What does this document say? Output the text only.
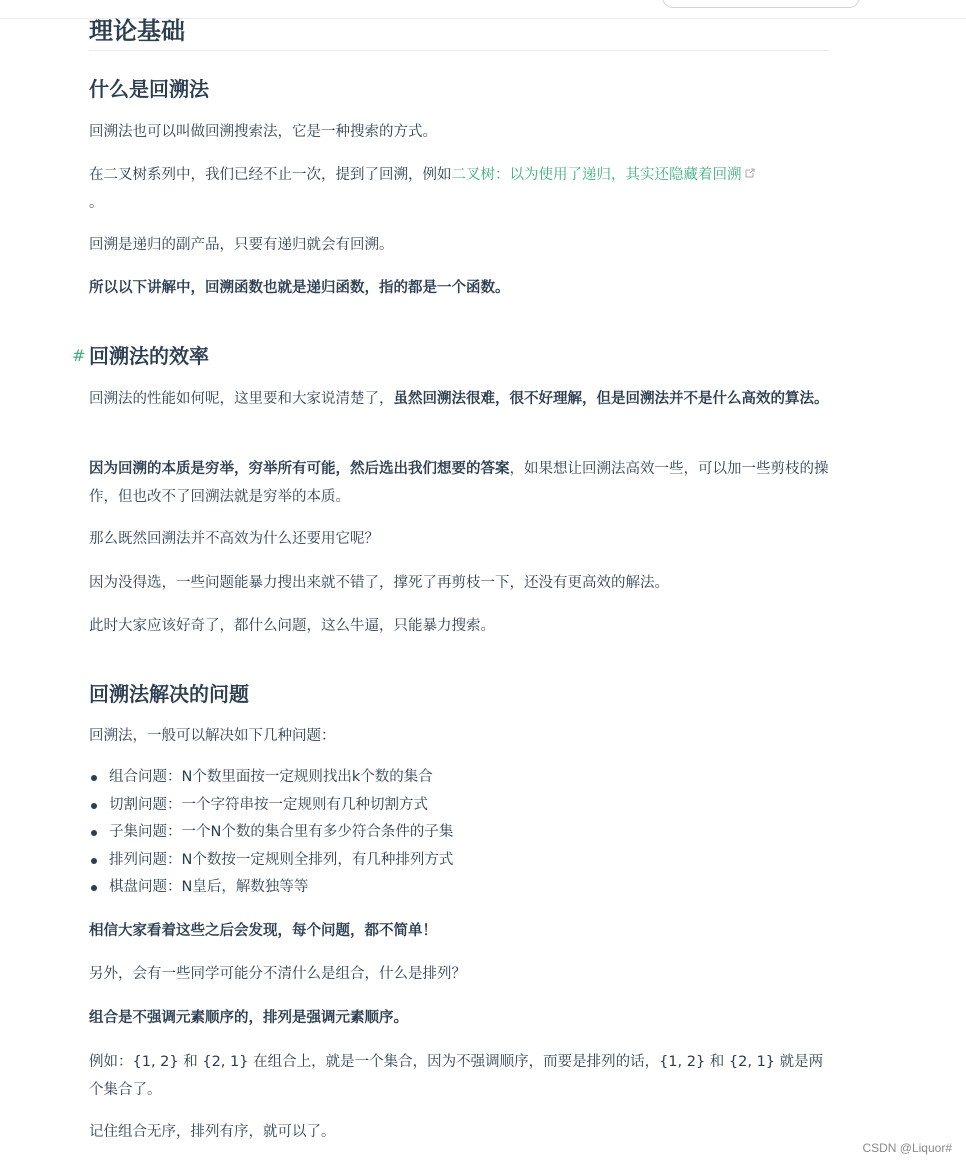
理论基础
什么是回溯法

回溯法也可以叫做回溯搜索法，它是一种搜索的方式。

在二叉树系列中，我们已经不止一次，提到了回溯，例如二叉树：以为使用了递归，其实还隐藏着回溯
。

回溯是递归的副产品，只要有递归就会有回溯。

所以以下讲解中，回溯函数也就是递归函数，指的都是一个函数。

# 回溯法的效率

回溯法的性能如何呢，这里要和大家说清楚了，虽然回溯法很难，很不好理解，但是回溯法并不是什么高效的算法。

因为回溯的本质是穷举，穷举所有可能，然后选出我们想要的答案，如果想让回溯法高效一些，可以加一些剪枝的操作，但也改不了回溯法就是穷举的本质。

那么既然回溯法并不高效为什么还要用它呢？

因为没得选，一些问题能暴力搜出来就不错了，撑死了再剪枝一下，还没有更高效的解法。

此时大家应该好奇了，都什么问题，这么牛逼，只能暴力搜索。

回溯法解决的问题

回溯法，一般可以解决如下几种问题：

组合问题：N个数里面按一定规则找出k个数的集合
切割问题：一个字符串按一定规则有几种切割方式
子集问题：一个N个数的集合里有多少符合条件的子集
排列问题：N个数按一定规则全排列，有几种排列方式
棋盘问题：N皇后，解数独等等

相信大家看着这些之后会发现，每个问题，都不简单！

另外，会有一些同学可能分不清什么是组合，什么是排列？

组合是不强调元素顺序的，排列是强调元素顺序。

例如：{1, 2} 和 {2, 1} 在组合上，就是一个集合，因为不强调顺序，而要是排列的话，{1, 2} 和 {2, 1} 就是两个集合了。

记住组合无序，排列有序，就可以了。

CSDN @Liquor#
